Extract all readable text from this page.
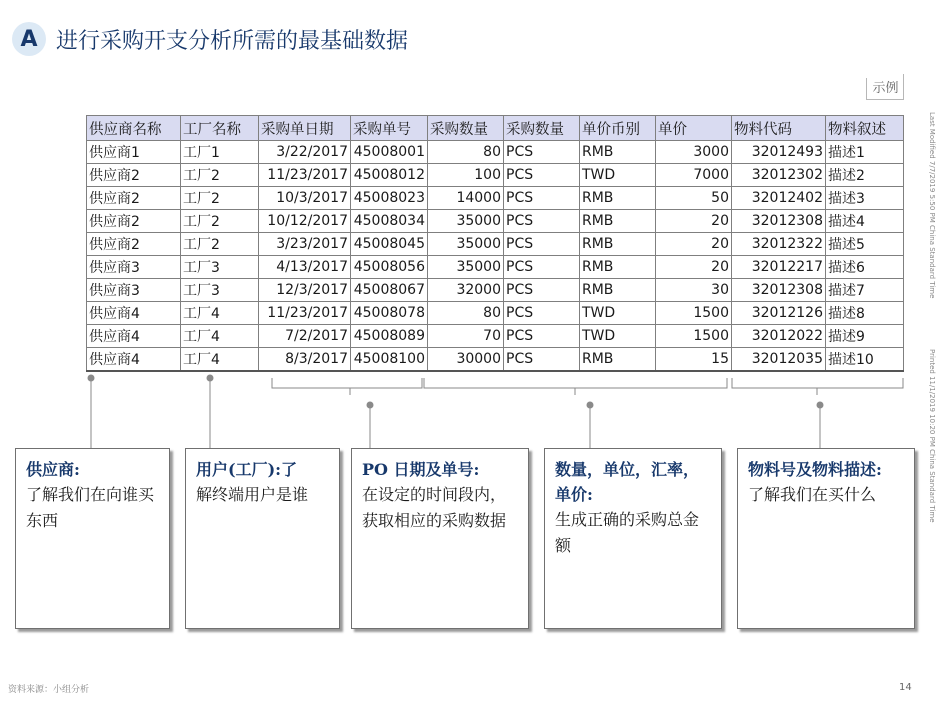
A 进行采购开支分析所需的最基础数据
示例
供应商名称	工厂名称	采购单日期	采购单号	采购数量	采购数量	单价币别	单价	物料代码	物料叙述
供应商1	工厂1	3/22/2017	45008001	80	PCS	RMB	3000	32012493	描述1
供应商2	工厂2	11/23/2017	45008012	100	PCS	TWD	7000	32012302	描述2
供应商2	工厂2	10/3/2017	45008023	14000	PCS	RMB	50	32012402	描述3
供应商2	工厂2	10/12/2017	45008034	35000	PCS	RMB	20	32012308	描述4
供应商2	工厂2	3/23/2017	45008045	35000	PCS	RMB	20	32012322	描述5
供应商3	工厂3	4/13/2017	45008056	35000	PCS	RMB	20	32012217	描述6
供应商3	工厂3	12/3/2017	45008067	32000	PCS	RMB	30	32012308	描述7
供应商4	工厂4	11/23/2017	45008078	80	PCS	TWD	1500	32012126	描述8
供应商4	工厂4	7/2/2017	45008089	70	PCS	TWD	1500	32012022	描述9
供应商4	工厂4	8/3/2017	45008100	30000	PCS	RMB	15	32012035	描述10
Last Modified 7/7/2019 5:50 PM China Standard Time
Printed 11/1/2019 10:20 PM China Standard Time
供应商:
了解我们在向谁买东西
用户(工厂):了
解终端用户是谁
PO 日期及单号:
在设定的时间段内，获取相应的采购数据
数量，单位，汇率，单价:
生成正确的采购总金额
物料号及物料描述:
了解我们在买什么
资料来源：小组分析	14
